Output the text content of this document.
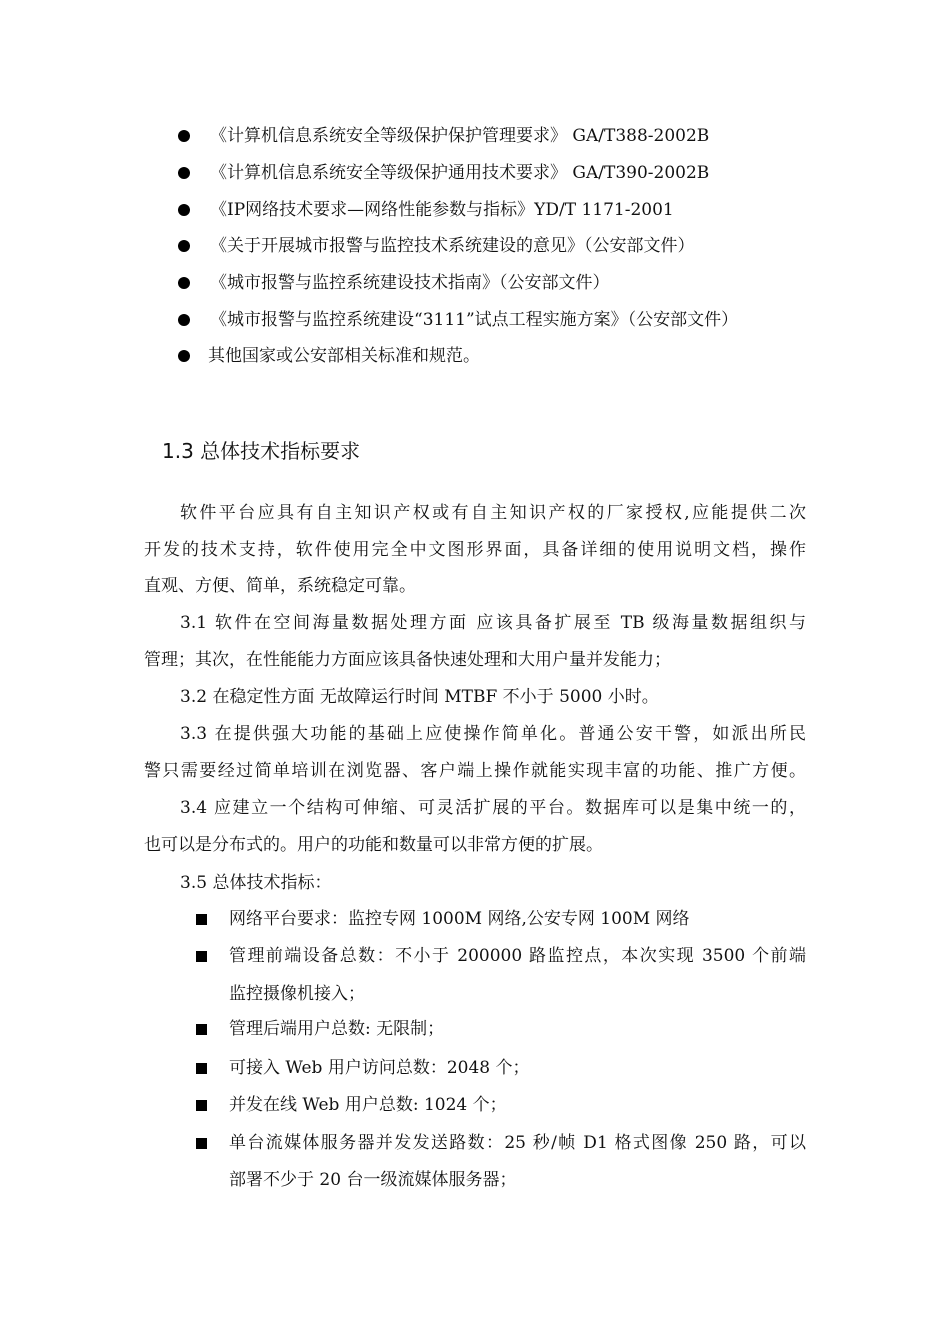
《计算机信息系统安全等级保护保护管理要求》 GA/T388-2002B
《计算机信息系统安全等级保护通用技术要求》 GA/T390-2002B
《IP网络技术要求—网络性能参数与指标》YD/T 1171-2001
《关于开展城市报警与监控技术系统建设的意见》（公安部文件）
《城市报警与监控系统建设技术指南》（公安部文件）
《城市报警与监控系统建设“3111”试点工程实施方案》（公安部文件）
其他国家或公安部相关标准和规范。
1.3 总体技术指标要求
软件平台应具有自主知识产权或有自主知识产权的厂家授权,应能提供二次
开发的技术支持，软件使用完全中文图形界面，具备详细的使用说明文档，操作
直观、方便、简单，系统稳定可靠。
3.1 软件在空间海量数据处理方面 应该具备扩展至 TB 级海量数据组织与
管理；其次，在性能能力方面应该具备快速处理和大用户量并发能力；
3.2 在稳定性方面 无故障运行时间 MTBF 不小于 5000 小时。
3.3 在提供强大功能的基础上应使操作简单化。普通公安干警，如派出所民
警只需要经过简单培训在浏览器、客户端上操作就能实现丰富的功能、推广方便。
3.4 应建立一个结构可伸缩、可灵活扩展的平台。数据库可以是集中统一的，
也可以是分布式的。用户的功能和数量可以非常方便的扩展。
3.5 总体技术指标：
网络平台要求：监控专网 1000M 网络,公安专网 100M 网络
管理前端设备总数：不小于 200000 路监控点，本次实现 3500 个前端
监控摄像机接入；
管理后端用户总数: 无限制；
可接入 Web 用户访问总数：2048 个；
并发在线 Web 用户总数: 1024 个；
单台流媒体服务器并发发送路数：25 秒/帧 D1 格式图像 250 路，可以
部署不少于 20 台一级流媒体服务器；
